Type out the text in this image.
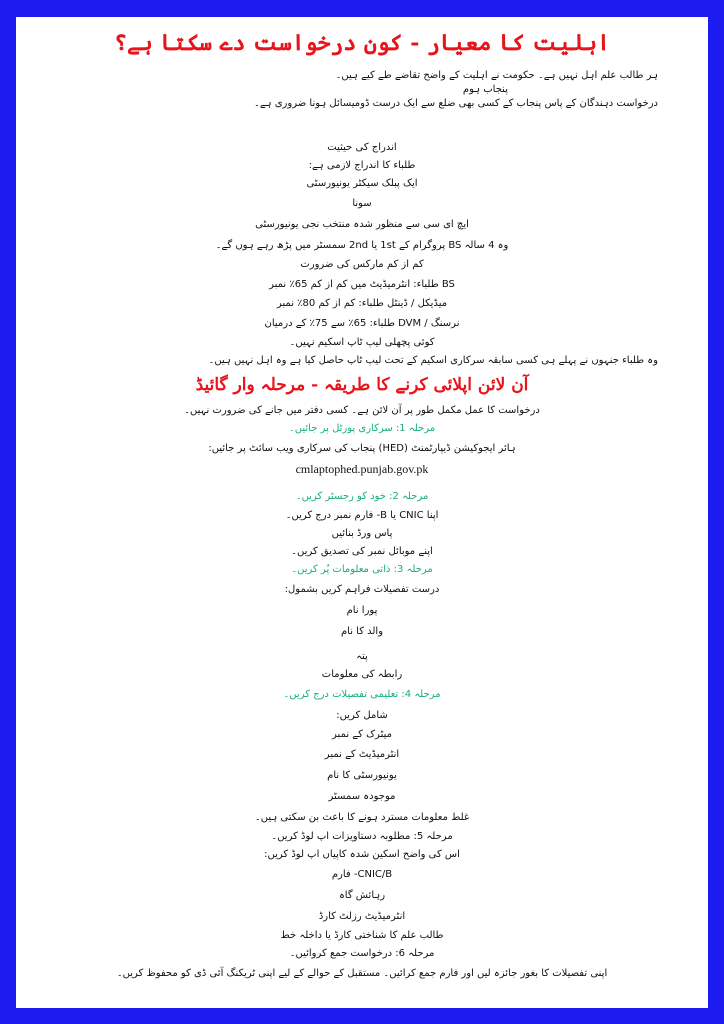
اہلیت کا معیار - کون درخواست دے سکتا ہے؟
ہر طالب علم اہل نہیں ہے۔ حکومت نے اہلیت کے واضح تقاضے طے کیے ہیں۔
پنجاب ہوم
درخواست دہندگان کے پاس پنجاب کے کسی بھی ضلع سے ایک درست ڈومیسائل ہونا ضروری ہے۔
اندراج کی حیثیت
طلباء کا اندراج لازمی ہے:
ایک پبلک سیکٹر یونیورسٹی
سونا
ایچ ای سی سے منظور شدہ منتخب نجی یونیورسٹی
وہ 4 سالہ BS پروگرام کے 1st یا 2nd سمسٹر میں پڑھ رہے ہوں گے۔
کم از کم مارکس کی ضرورت
BS طلباء: انٹرمیڈیٹ میں کم از کم 65٪ نمبر
میڈیکل / ڈینٹل طلباء: کم از کم 80٪ نمبر
نرسنگ / DVM طلباء: 65٪ سے 75٪ کے درمیان
کوئی پچھلی لیپ ٹاپ اسکیم نہیں۔
وہ طلباء جنہوں نے پہلے ہی کسی سابقہ سرکاری اسکیم کے تحت لیپ ٹاپ حاصل کیا ہے وہ اہل نہیں ہیں۔
آن لائن اپلائی کرنے کا طریقہ - مرحلہ وار گائیڈ
درخواست کا عمل مکمل طور پر آن لائن ہے۔ کسی دفتر میں جانے کی ضرورت نہیں۔
مرحلہ 1: سرکاری پورٹل پر جائیں۔
ہائر ایجوکیشن ڈیپارٹمنٹ (HED) پنجاب کی سرکاری ویب سائٹ پر جائیں:
cmlaptophed.punjab.gov.pk
مرحلہ 2: خود کو رجسٹر کریں۔
اپنا CNIC یا B- فارم نمبر درج کریں۔
پاس ورڈ بنائیں
اپنے موبائل نمبر کی تصدیق کریں۔
مرحلہ 3: ذاتی معلومات پُر کریں۔
درست تفصیلات فراہم کریں بشمول:
پورا نام
والد کا نام
پتہ
رابطہ کی معلومات
مرحلہ 4: تعلیمی تفصیلات درج کریں۔
شامل کریں:
میٹرک کے نمبر
انٹرمیڈیٹ کے نمبر
یونیورسٹی کا نام
موجودہ سمسٹر
غلط معلومات مسترد ہونے کا باعث بن سکتی ہیں۔
مرحلہ 5: مطلوبہ دستاویزات اپ لوڈ کریں۔
اس کی واضح اسکین شدہ کاپیاں اپ لوڈ کریں:
CNIC/B- فارم
رہائش گاہ
انٹرمیڈیٹ رزلٹ کارڈ
طالب علم کا شناختی کارڈ یا داخلہ خط
مرحلہ 6: درخواست جمع کروائیں۔
اپنی تفصیلات کا بغور جائزہ لیں اور فارم جمع کرائیں۔ مستقبل کے حوالے کے لیے اپنی ٹریکنگ آئی ڈی کو محفوظ کریں۔
